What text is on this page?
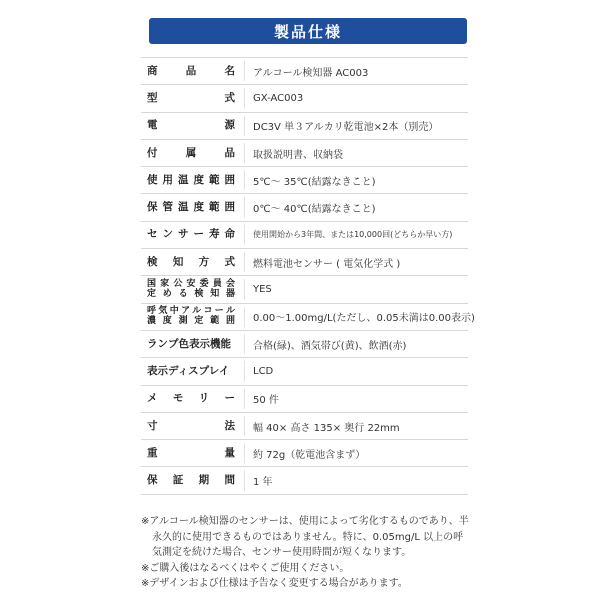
製品仕様
商品名 アルコール検知器 AC003
型式 GX-AC003
電源 DC3V 単３アルカリ乾電池×2本（別売）
付属品 取扱説明書、収納袋
使用温度範囲 5℃〜 35℃(結露なきこと)
保管温度範囲 0℃〜 40℃(結露なきこと)
センサー寿命 使用開始から3年間、または10,000回(どちらか早い方)
検知方式 燃料電池センサー ( 電気化学式 )
国家公安委員会
定める検知器 YES
呼気中アルコール
濃度測定範囲 0.00〜1.00mg/L(ただし、0.05未満は0.00表示)
ランプ色表示機能	合格(緑)、酒気帯び(黄)、飲酒(赤)
表示ディスプレイ	LCD
メモリー 50 件
寸法 幅 40× 高さ 135× 奥行 22mm
重量 約 72g（乾電池含まず）
保証期間 1 年
※アルコール検知器のセンサーは、使用によって劣化するものであり、半永久的に使用できるものではありません。特に、0.05mg/L 以上の呼気測定を続けた場合、センサー使用時間が短くなります。
※ご購入後はなるべくはやくご使用ください。
※デザインおよび仕様は予告なく変更する場合があります。
